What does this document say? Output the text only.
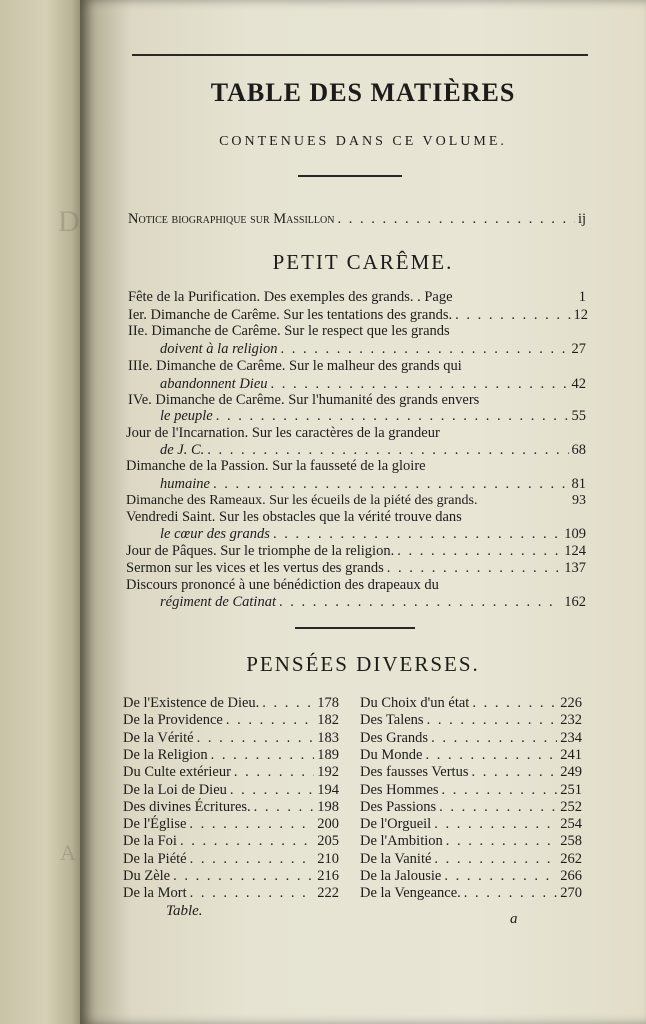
D
A
TABLE DES MATIÈRES
CONTENUES DANS CE VOLUME.
Notice biographique sur Massillon . . .	ij
PETIT CARÊME.
Fête de la Purification. Des exemples des grands. . Page	1
Ier. Dimanche de Carême. Sur les tentations des grands. . . .	12
IIe. Dimanche de Carême. Sur le respect que les grands
doivent à la religion . . .	27
IIIe. Dimanche de Carême. Sur le malheur des grands qui
abandonnent Dieu . . .	42
IVe. Dimanche de Carême. Sur l'humanité des grands envers
le peuple . . .	55
Jour de l'Incarnation. Sur les caractères de la grandeur
de J. C. . . .	68
Dimanche de la Passion. Sur la fausseté de la gloire
humaine . . .	81
Dimanche des Rameaux. Sur les écueils de la piété des grands.	93
Vendredi Saint. Sur les obstacles que la vérité trouve dans
le cœur des grands . . .	109
Jour de Pâques. Sur le triomphe de la religion. . . .	124
Sermon sur les vices et les vertus des grands . . .	137
Discours prononcé à une bénédiction des drapeaux du
régiment de Catinat . . .	162
PENSÉES DIVERSES.
De l'Existence de Dieu. . . .	178
De la Providence . . .	182
De la Vérité . . .	183
De la Religion . . .	189
Du Culte extérieur . . .	192
De la Loi de Dieu . . .	194
Des divines Écritures. . . .	198
De l'Église . . .	200
De la Foi . . .	205
De la Piété . . .	210
Du Zèle . . .	216
De la Mort . . .	222
Du Choix d'un état . . .	226
Des Talens . . .	232
Des Grands . . .	234
Du Monde . . .	241
Des fausses Vertus . . .	249
Des Hommes . . .	251
Des Passions . . .	252
De l'Orgueil . . .	254
De l'Ambition . . .	258
De la Vanité . . .	262
De la Jalousie . . .	266
De la Vengeance. . . .	270
Table.	a
